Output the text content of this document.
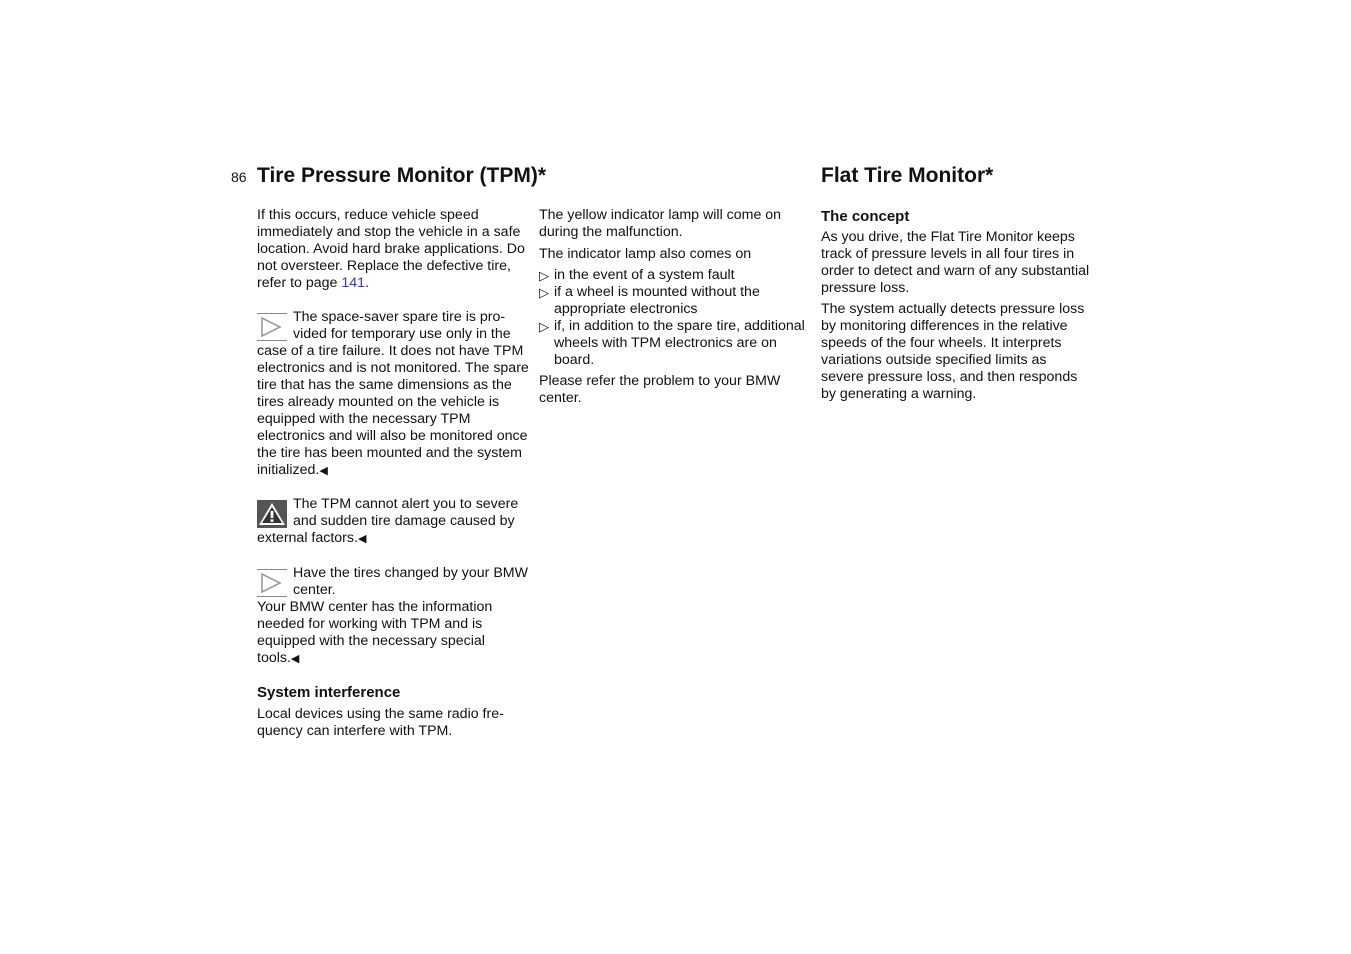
86 Tire Pressure Monitor (TPM)*	Flat Tire Monitor*

If this occurs, reduce vehicle speed immediately and stop the vehicle in a safe location. Avoid hard brake applications. Do not oversteer. Replace the defective tire, refer to page 141.

The space-saver spare tire is provided for temporary use only in the case of a tire failure. It does not have TPM electronics and is not monitored. The spare tire that has the same dimensions as the tires already mounted on the vehicle is equipped with the necessary TPM electronics and will also be monitored once the tire has been mounted and the system initialized.◀
The TPM cannot alert you to severe and sudden tire damage caused by external factors.◀
Have the tires changed by your BMW center.
Your BMW center has the information needed for working with TPM and is equipped with the necessary special tools.◀
System interference

Local devices using the same radio frequency can interfere with TPM.

The yellow indicator lamp will come on during the malfunction.

The indicator lamp also comes on

▷ in the event of a system fault
▷ if a wheel is mounted without the appropriate electronics
▷ if, in addition to the spare tire, additional wheels with TPM electronics are on board.

Please refer the problem to your BMW center.

The concept

As you drive, the Flat Tire Monitor keeps track of pressure levels in all four tires in order to detect and warn of any substantial pressure loss.

The system actually detects pressure loss by monitoring differences in the relative speeds of the four wheels. It interprets variations outside specified limits as severe pressure loss, and then responds by generating a warning.
